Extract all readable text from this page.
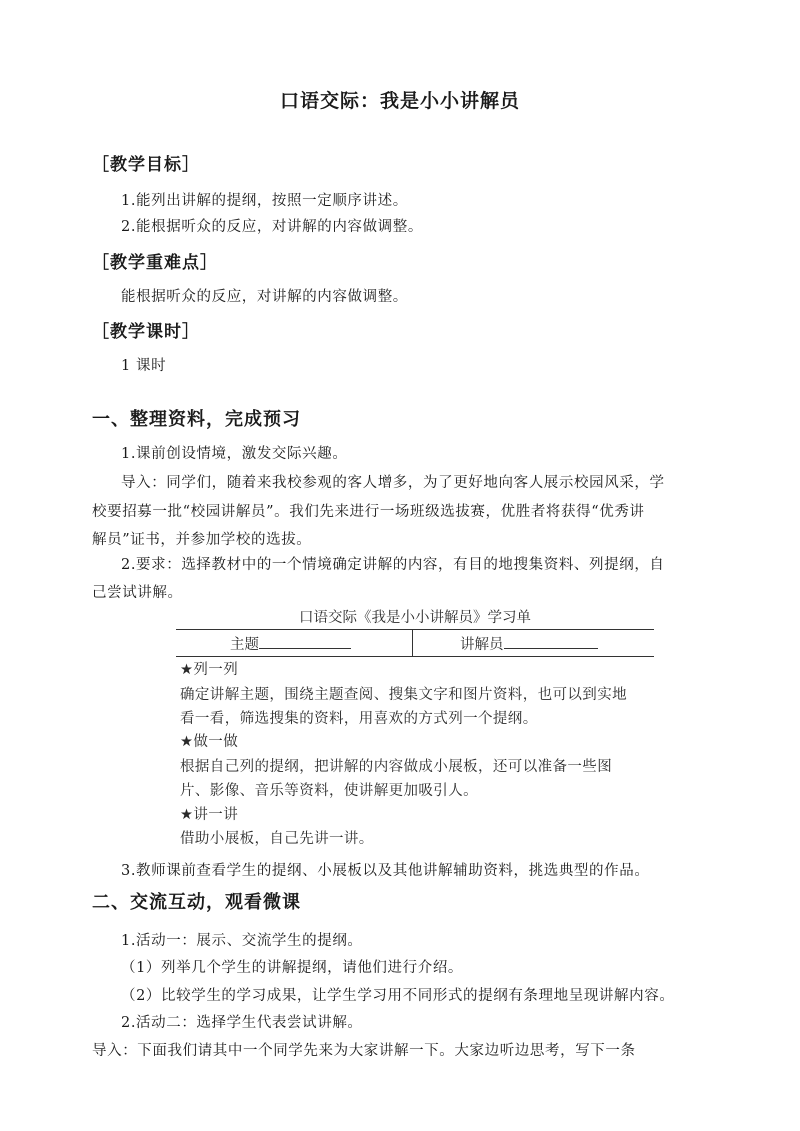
口语交际：我是小小讲解员
［教学目标］
1.能列出讲解的提纲，按照一定顺序讲述。
2.能根据听众的反应，对讲解的内容做调整。
［教学重难点］
能根据听众的反应，对讲解的内容做调整。
［教学课时］
1 课时
一、整理资料，完成预习
1.课前创设情境，激发交际兴趣。
导入：同学们，随着来我校参观的客人增多，为了更好地向客人展示校园风采，学
校要招募一批“校园讲解员”。我们先来进行一场班级选拔赛，优胜者将获得“优秀讲
解员”证书，并参加学校的选拔。
2.要求：选择教材中的一个情境确定讲解的内容，有目的地搜集资料、列提纲，自
己尝试讲解。
口语交际《我是小小讲解员》学习单
主题	讲解员
★列一列
确定讲解主题，围绕主题查阅、搜集文字和图片资料，也可以到实地
看一看，筛选搜集的资料，用喜欢的方式列一个提纲。
★做一做
根据自己列的提纲，把讲解的内容做成小展板，还可以准备一些图
片、影像、音乐等资料，使讲解更加吸引人。
★讲一讲
借助小展板，自己先讲一讲。
3.教师课前查看学生的提纲、小展板以及其他讲解辅助资料，挑选典型的作品。
二、交流互动，观看微课
1.活动一：展示、交流学生的提纲。
（1）列举几个学生的讲解提纲，请他们进行介绍。
（2）比较学生的学习成果，让学生学习用不同形式的提纲有条理地呈现讲解内容。
2.活动二：选择学生代表尝试讲解。
导入：下面我们请其中一个同学先来为大家讲解一下。大家边听边思考，写下一条
